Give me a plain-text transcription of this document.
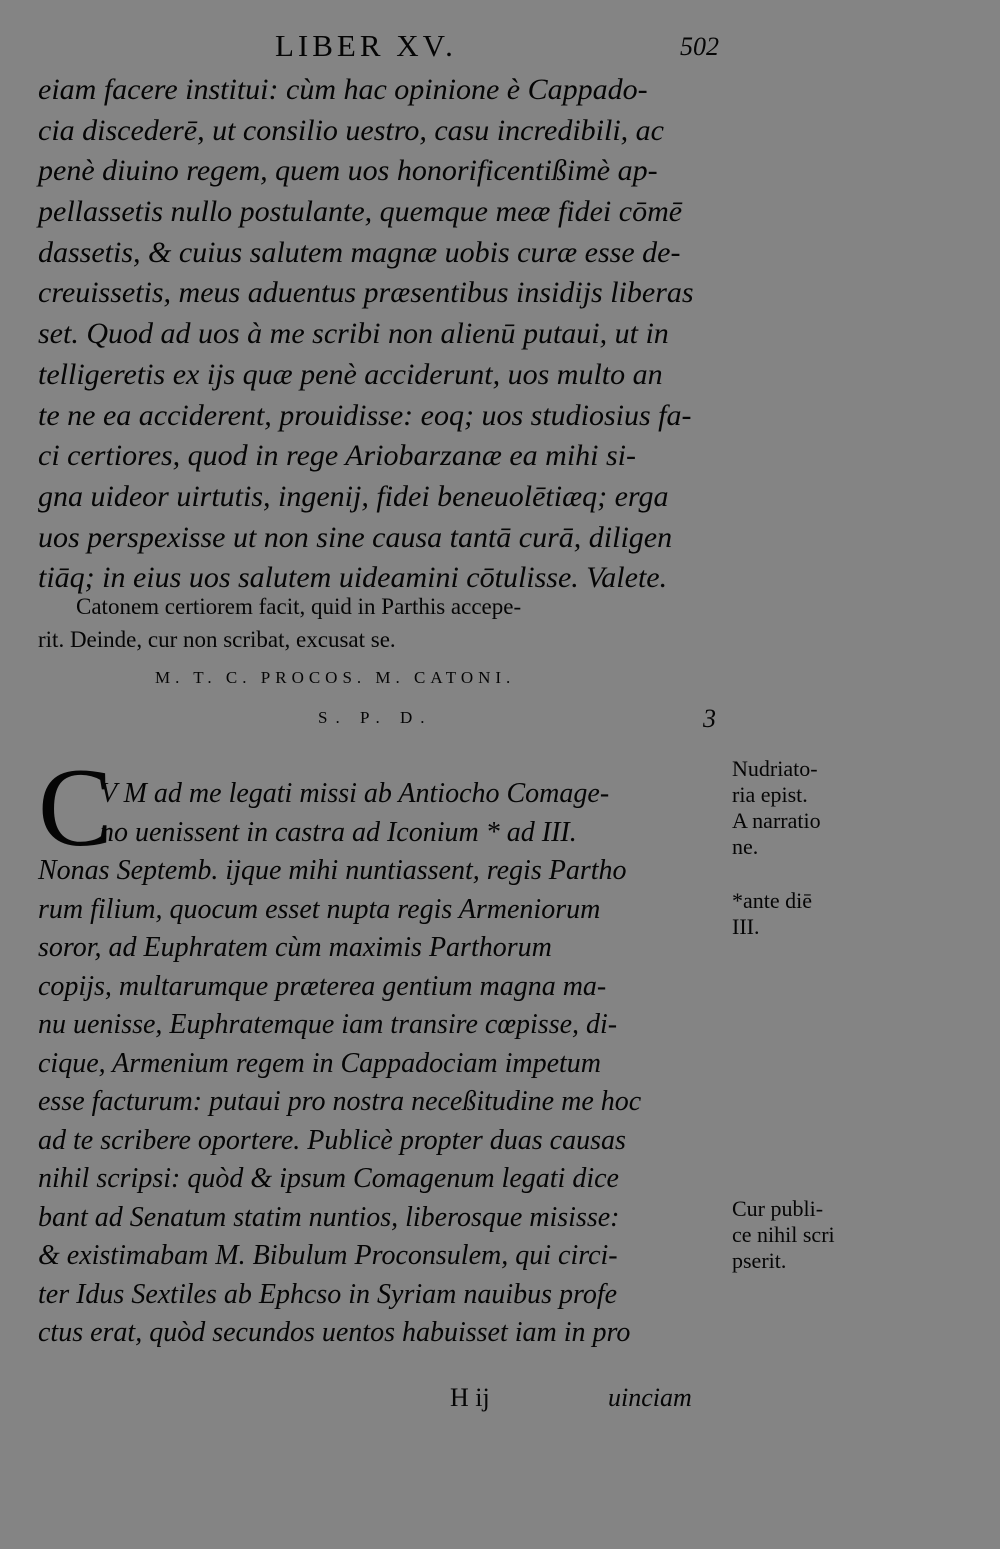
LIBER XV.	502
eiam facere institui: cùm hac opinione è Cappado-
cia discederē, ut consilio uestro, casu incredibili, ac
penè diuino regem, quem uos honorificentißimè ap-
pellassetis nullo postulante, quemque meæ fidei cōmē
dassetis, & cuius salutem magnæ uobis curæ esse de-
creuissetis, meus aduentus præsentibus insidijs liberas
set. Quod ad uos à me scribi non alienū putaui, ut in
telligeretis ex ijs quæ penè acciderunt, uos multo an
te ne ea acciderent, prouidisse: eoq; uos studiosius fa-
ci certiores, quod in rege Ariobarzanæ ea mihi si-
gna uideor uirtutis, ingenij, fidei beneuolētiæq; erga
uos perspexisse ut non sine causa tantā curā, diligen
tiāq; in eius uos salutem uideamini cōtulisse. Valete.
Catonem certiorem facit, quid in Parthis accepe-
rit. Deinde, cur non scribat, excusat se.
M. T. C. PROCOS. M. CATONI.
S. P. D.	3
C
V M ad me legati missi ab Antiocho Comage-
no uenissent in castra ad Iconium * ad III.
Nonas Septemb. ijque mihi nuntiassent, regis Partho
rum filium, quocum esset nupta regis Armeniorum
soror, ad Euphratem cùm maximis Parthorum
copijs, multarumque præterea gentium magna ma-
nu uenisse, Euphratemque iam transire cœpisse, di-
cique, Armenium regem in Cappadociam impetum
esse facturum: putaui pro nostra neceßitudine me hoc
ad te scribere oportere. Publicè propter duas causas
nihil scripsi: quòd & ipsum Comagenum legati dice
bant ad Senatum statim nuntios, liberosque misisse:
& existimabam M. Bibulum Proconsulem, qui circi-
ter Idus Sextiles ab Ephcso in Syriam nauibus profe
ctus erat, quòd secundos uentos habuisset iam in pro
Nudriato-
ria epist.
A narratio
ne.
*ante diē
III.
Cur publi-
ce nihil scri
pserit.
H ij	uinciam
